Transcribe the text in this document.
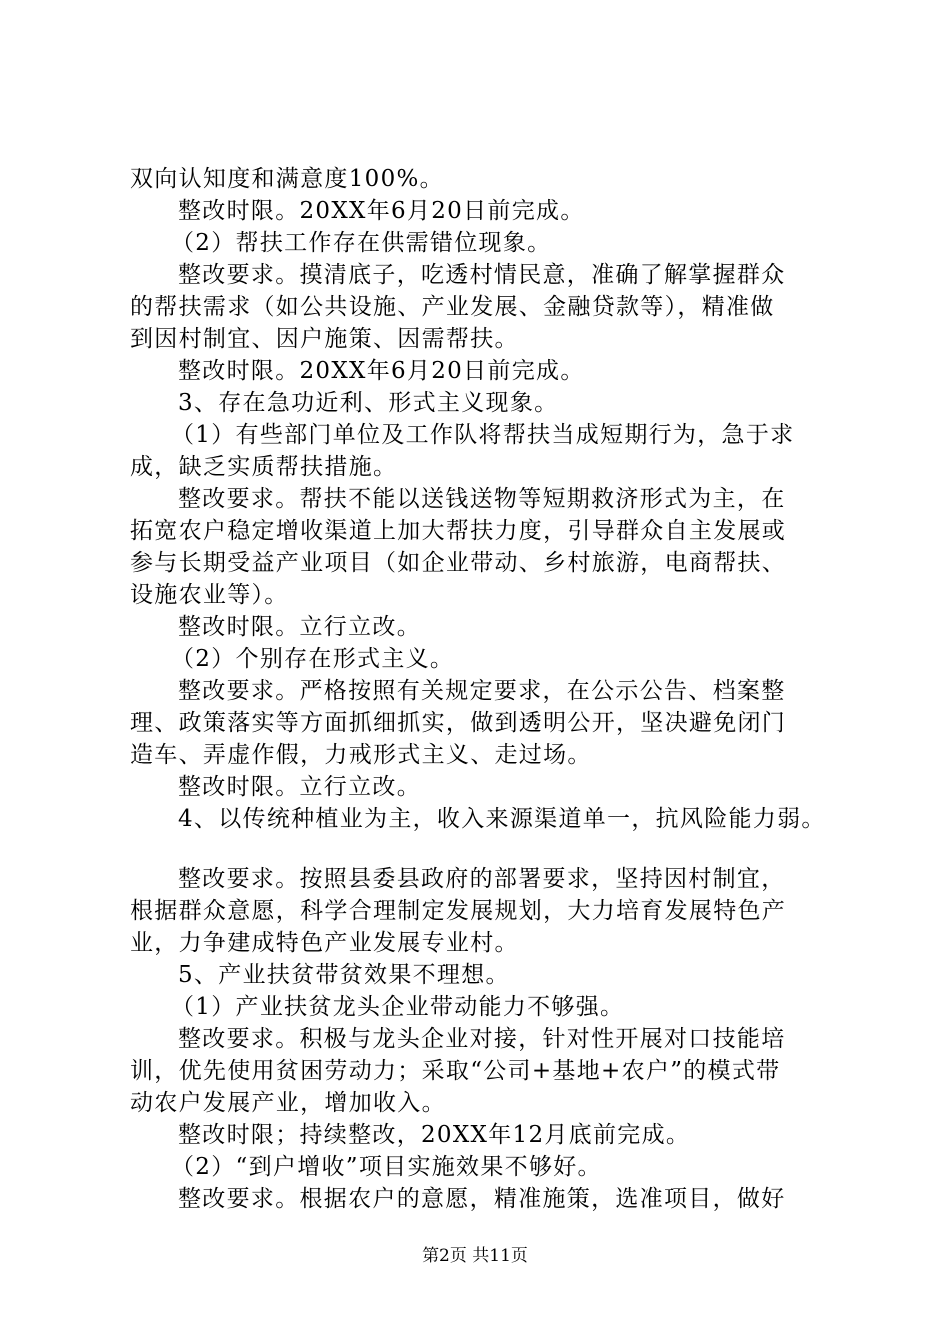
双向认知度和满意度100%。
整改时限。20XX年6月20日前完成。
（2）帮扶工作存在供需错位现象。
整改要求。摸清底子，吃透村情民意，准确了解掌握群众
的帮扶需求（如公共设施、产业发展、金融贷款等），精准做
到因村制宜、因户施策、因需帮扶。
整改时限。20XX年6月20日前完成。
3、存在急功近利、形式主义现象。
（1）有些部门单位及工作队将帮扶当成短期行为，急于求
成，缺乏实质帮扶措施。
整改要求。帮扶不能以送钱送物等短期救济形式为主，在
拓宽农户稳定增收渠道上加大帮扶力度，引导群众自主发展或
参与长期受益产业项目（如企业带动、乡村旅游，电商帮扶、
设施农业等）。
整改时限。立行立改。
（2）个别存在形式主义。
整改要求。严格按照有关规定要求，在公示公告、档案整
理、政策落实等方面抓细抓实，做到透明公开，坚决避免闭门
造车、弄虚作假，力戒形式主义、走过场。
整改时限。立行立改。
4、以传统种植业为主，收入来源渠道单一，抗风险能力弱。
整改要求。按照县委县政府的部署要求，坚持因村制宜，
根据群众意愿，科学合理制定发展规划，大力培育发展特色产
业，力争建成特色产业发展专业村。
5、产业扶贫带贫效果不理想。
（1）产业扶贫龙头企业带动能力不够强。
整改要求。积极与龙头企业对接，针对性开展对口技能培
训，优先使用贫困劳动力；采取“公司+基地+农户”的模式带
动农户发展产业，增加收入。
整改时限；持续整改，20XX年12月底前完成。
（2）“到户增收”项目实施效果不够好。
整改要求。根据农户的意愿，精准施策，选准项目，做好
第2页 共11页
